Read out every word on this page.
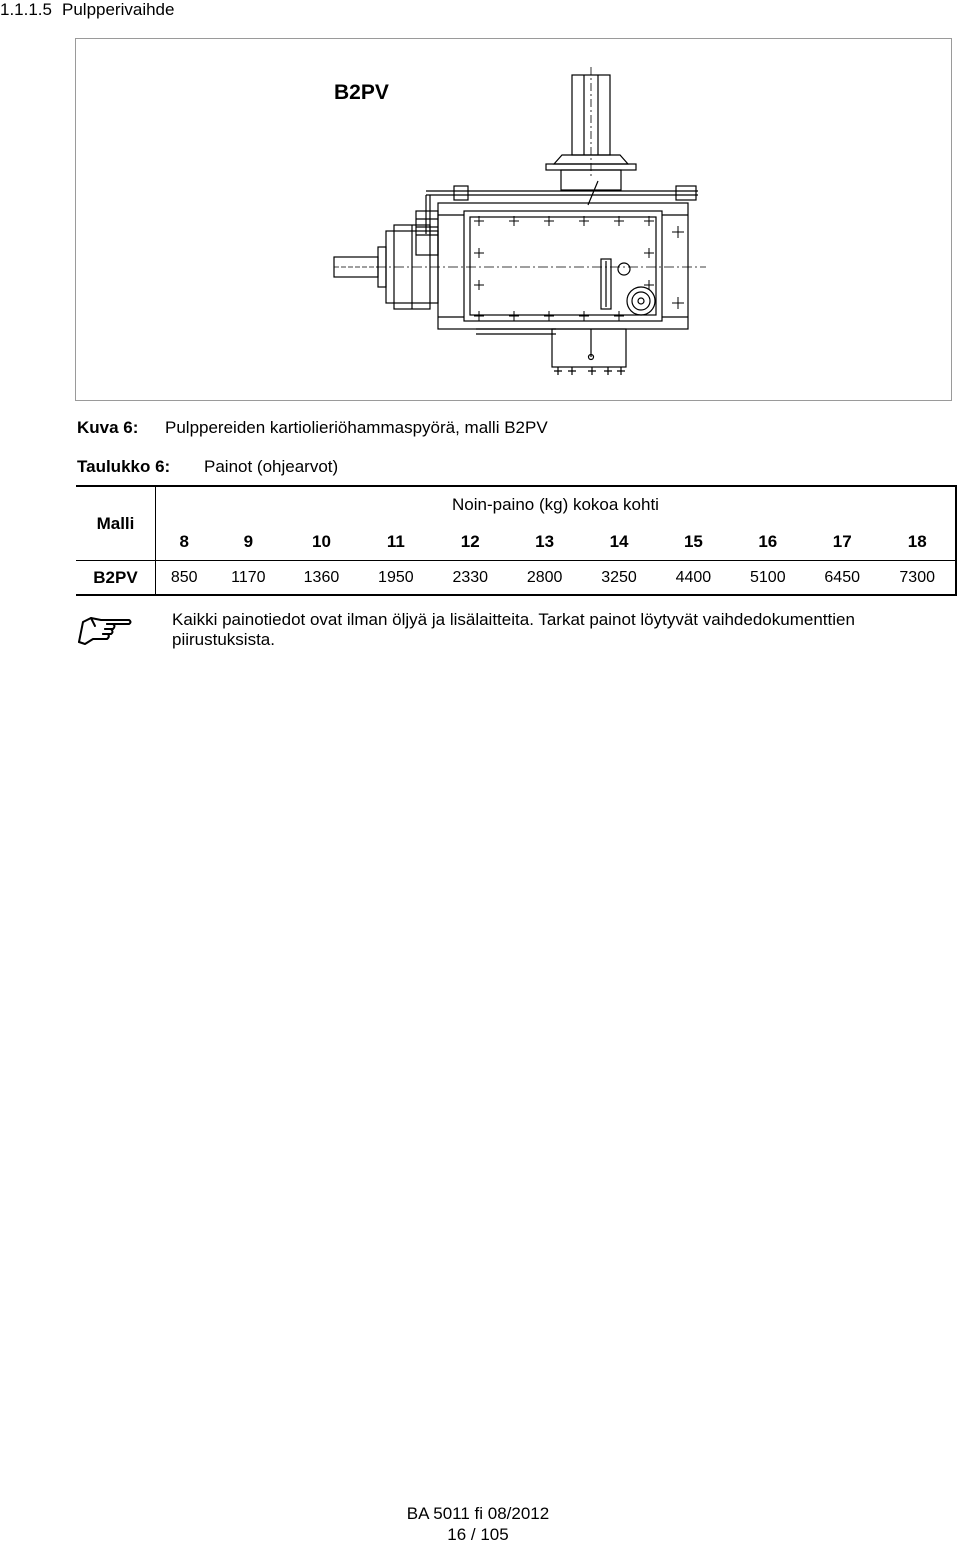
1.1.1.5 Pulpperivaihde
B2PV
Kuva 6: Pulppereiden kartiolieriöhammaspyörä, malli B2PV
Taulukko 6: Painot (ohjearvot)
Malli	Noin-paino (kg) kokoa kohti										
	8	9	10	11	12	13	14	15	16	17	18
B2PV	850	1170	1360	1950	2330	2800	3250	4400	5100	6450	7300
Kaikki painotiedot ovat ilman öljyä ja lisälaitteita. Tarkat painot löytyvät vaihdedokumenttien piirustuksista.
BA 5011 fi 08/2012
16 / 105
